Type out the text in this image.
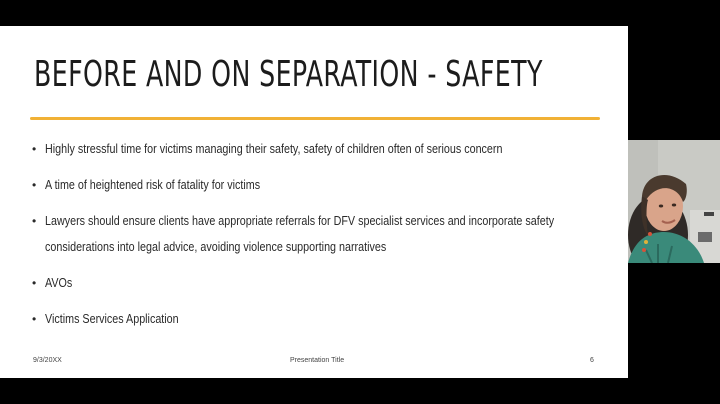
BEFORE AND ON SEPARATION - SAFETY
• Highly stressful time for victims managing their safety, safety of children often of serious concern
• A time of heightened risk of fatality for victims
• Lawyers should ensure clients have appropriate referrals for DFV specialist services and incorporate safety considerations into legal advice, avoiding violence supporting narratives
• AVOs
• Victims Services Application
9/3/20XX	Presentation Title	6
